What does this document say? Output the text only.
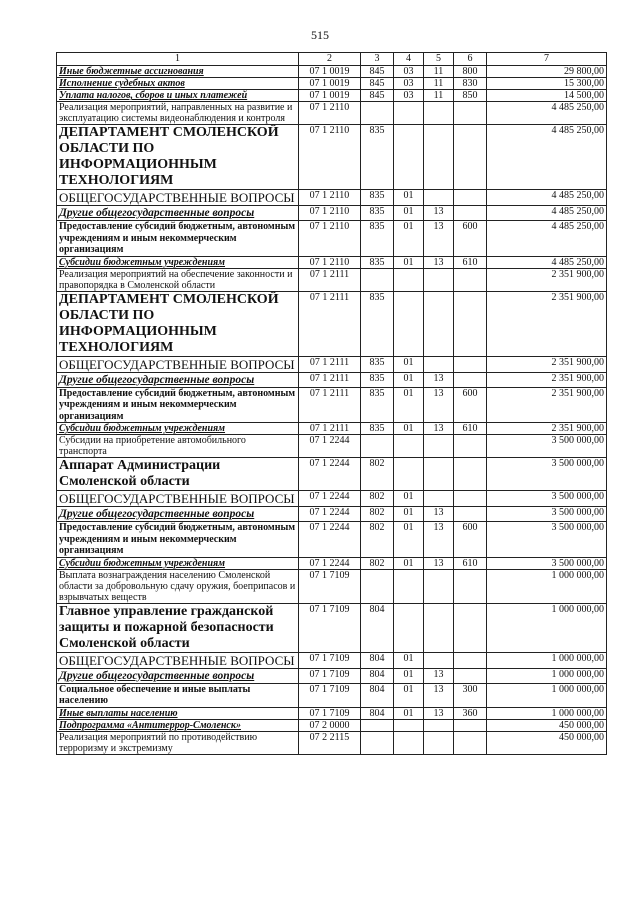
515
1	2	3	4	5	6	7
Иные бюджетные ассигнования	07 1 0019	845	03	11	800	29 800,00
Исполнение судебных актов	07 1 0019	845	03	11	830	15 300,00
Уплата налогов, сборов и иных платежей	07 1 0019	845	03	11	850	14 500,00
Реализация мероприятий, направленных на развитие и эксплуатацию системы видеонаблюдения и контроля	07 1 2110					4 485 250,00
ДЕПАРТАМЕНТ СМОЛЕНСКОЙ ОБЛАСТИ ПО ИНФОРМАЦИОННЫМ ТЕХНОЛОГИЯМ	07 1 2110	835				4 485 250,00
ОБЩЕГОСУДАРСТВЕННЫЕ ВОПРОСЫ	07 1 2110	835	01			4 485 250,00
Другие общегосударственные вопросы	07 1 2110	835	01	13		4 485 250,00
Предоставление субсидий бюджетным, автономным учреждениям и иным некоммерческим организациям	07 1 2110	835	01	13	600	4 485 250,00
Субсидии бюджетным учреждениям	07 1 2110	835	01	13	610	4 485 250,00
Реализация мероприятий на обеспечение законности и правопорядка в Смоленской области	07 1 2111					2 351 900,00
ДЕПАРТАМЕНТ СМОЛЕНСКОЙ ОБЛАСТИ ПО ИНФОРМАЦИОННЫМ ТЕХНОЛОГИЯМ	07 1 2111	835				2 351 900,00
ОБЩЕГОСУДАРСТВЕННЫЕ ВОПРОСЫ	07 1 2111	835	01			2 351 900,00
Другие общегосударственные вопросы	07 1 2111	835	01	13		2 351 900,00
Предоставление субсидий бюджетным, автономным учреждениям и иным некоммерческим организациям	07 1 2111	835	01	13	600	2 351 900,00
Субсидии бюджетным учреждениям	07 1 2111	835	01	13	610	2 351 900,00
Субсидии на приобретение автомобильного транспорта	07 1 2244					3 500 000,00
Аппарат Администрации Смоленской области	07 1 2244	802				3 500 000,00
ОБЩЕГОСУДАРСТВЕННЫЕ ВОПРОСЫ	07 1 2244	802	01			3 500 000,00
Другие общегосударственные вопросы	07 1 2244	802	01	13		3 500 000,00
Предоставление субсидий бюджетным, автономным учреждениям и иным некоммерческим организациям	07 1 2244	802	01	13	600	3 500 000,00
Субсидии бюджетным учреждениям	07 1 2244	802	01	13	610	3 500 000,00
Выплата вознаграждения населению Смоленской области за добровольную сдачу оружия, боеприпасов и взрывчатых веществ	07 1 7109					1 000 000,00
Главное управление гражданской защиты и пожарной безопасности Смоленской области	07 1 7109	804				1 000 000,00
ОБЩЕГОСУДАРСТВЕННЫЕ ВОПРОСЫ	07 1 7109	804	01			1 000 000,00
Другие общегосударственные вопросы	07 1 7109	804	01	13		1 000 000,00
Социальное обеспечение и иные выплаты населению	07 1 7109	804	01	13	300	1 000 000,00
Иные выплаты населению	07 1 7109	804	01	13	360	1 000 000,00
Подпрограмма «Антитеррор-Смоленск»	07 2 0000					450 000,00
Реализация мероприятий по противодействию терроризму и экстремизму	07 2 2115					450 000,00
